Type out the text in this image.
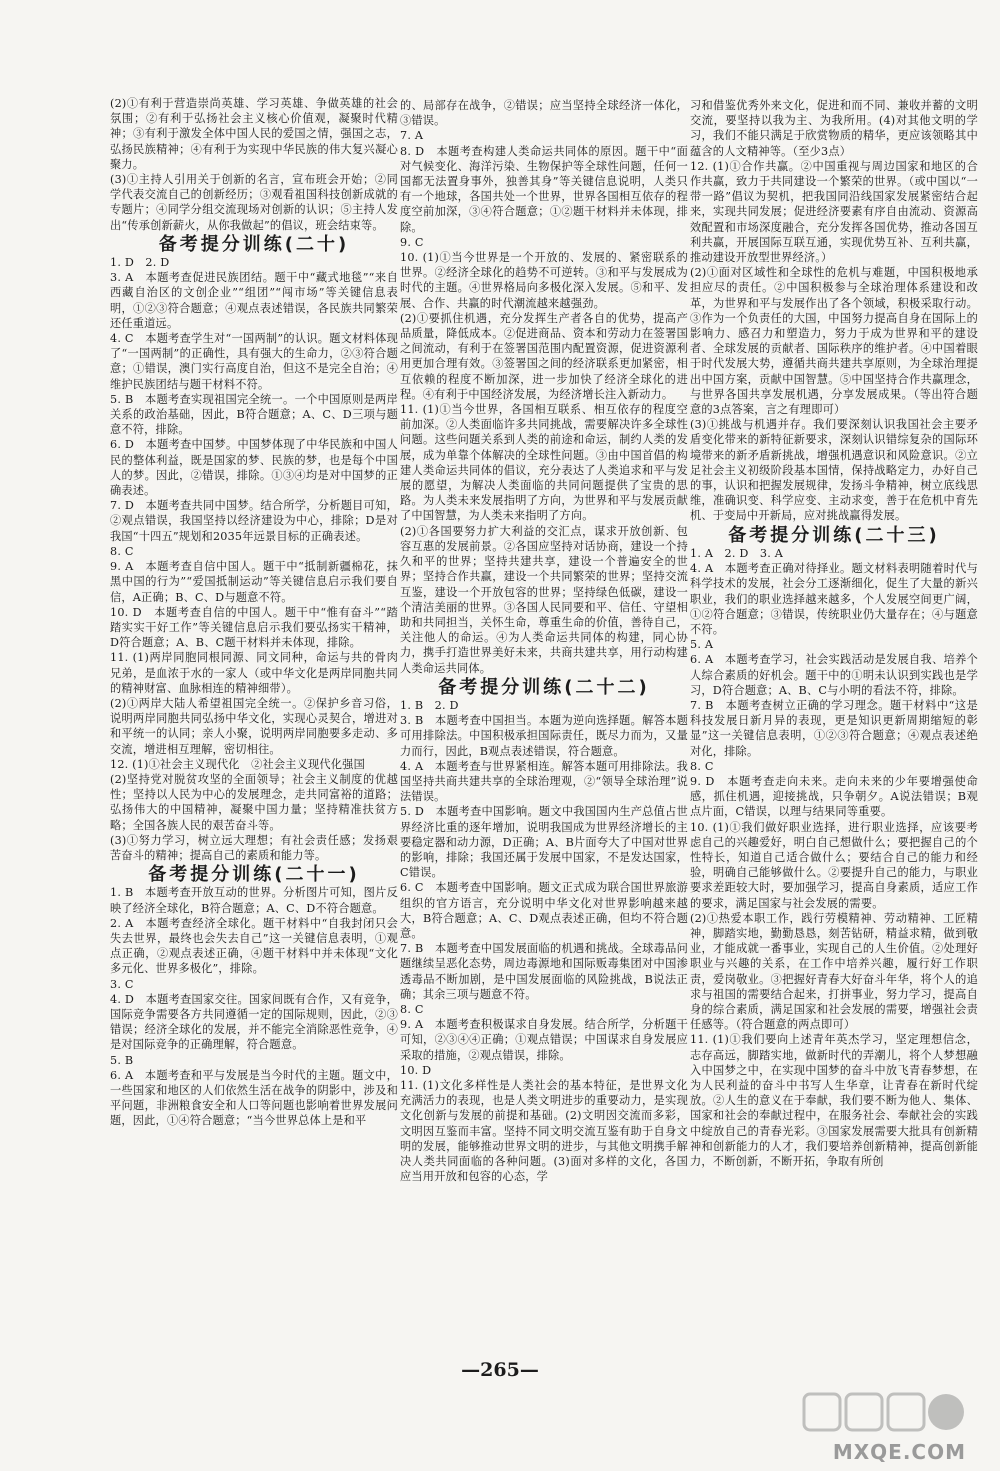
(2)①有利于营造崇尚英雄、学习英雄、争做英雄的社会氛围；②有利于弘扬社会主义核心价值观，凝聚时代精神；③有利于激发全体中国人民的爱国之情，强国之志，弘扬民族精神；④有利于为实现中华民族的伟大复兴凝心聚力。

(3)①主持人引用关于创新的名言，宣布班会开始；②同学代表交流自己的创新经历；③观看祖国科技创新成就的专题片；④同学分组交流现场对创新的认识；⑤主持人发出“传承创新薪火，从你我做起”的倡议，班会结束等。

备考提分训练(二十)

1. D　2. D

3. A　本题考查促进民族团结。题干中“藏式地毯”“来自西藏自治区的文创企业”“组团”“闯市场”等关键信息表明，①②③符合题意；④观点表述错误，各民族共同繁荣还任重道远。

4. C　本题考查学生对“一国两制”的认识。题文材料体现了“一国两制”的正确性，具有强大的生命力，②③符合题意；①错误，澳门实行高度自治，但这不是完全自治；④维护民族团结与题干材料不符。

5. B　本题考查实现祖国完全统一。一个中国原则是两岸关系的政治基础，因此，B符合题意；A、C、D三项与题意不符，排除。

6. D　本题考查中国梦。中国梦体现了中华民族和中国人民的整体利益，既是国家的梦、民族的梦，也是每个中国人的梦。因此，②错误，排除。①③④均是对中国梦的正确表述。

7. D　本题考查共同中国梦。结合所学，分析题目可知，②观点错误，我国坚持以经济建设为中心，排除；D是对我国“十四五”规划和2035年远景目标的正确表述。

8. C

9. A　本题考查自信中国人。题干中“抵制新疆棉花，抹黑中国的行为”“爱国抵制运动”等关键信息启示我们要自信，A正确；B、C、D与题意不符。

10. D　本题考查自信的中国人。题干中“惟有奋斗”“踏踏实实干好工作”等关键信息启示我们要弘扬实干精神，D符合题意；A、B、C题干材料并未体现，排除。

11. (1)两岸同胞同根同源、同文同种，命运与共的骨肉兄弟，是血浓于水的一家人（或中华文化是两岸同胞共同的精神财富、血脉相连的精神细带）。

(2)①两岸大陆人希望祖国完全统一。②保护乡音习俗，说明两岸同胞共同弘扬中华文化，实现心灵契合，增进对和平统一的认同；亲人小聚，说明两岸同胞要多走动、多交流，增进相互理解，密切相往。

12. (1)①社会主义现代化　②社会主义现代化强国

(2)坚持党对脱贫攻坚的全面领导；社会主义制度的优越性；坚持以人民为中心的发展理念，走共同富裕的道路；弘扬伟大的中国精神，凝聚中国力量；坚持精准扶贫方略；全国各族人民的艰苦奋斗等。

(3)①努力学习，树立远大理想；有社会责任感；发扬艰苦奋斗的精神；提高自己的素质和能力等。

备考提分训练(二十一)

1. B　本题考查开放互动的世界。分析图片可知，图片反映了经济全球化，B符合题意；A、C、D不符合题意。

2. A　本题考查经济全球化。题干材料中“自我封闭只会失去世界，最终也会失去自己”这一关键信息表明，①观点正确，②观点表述正确，④题干材料中并未体现“文化多元化、世界多极化”，排除。

3. C

4. D　本题考查国家交往。国家间既有合作，又有竞争，国际竞争需要各方共同遵循一定的国际规则，因此，②③错误；经济全球化的发展，并不能完全消除恶性竞争，④是对国际竞争的正确理解，符合题意。

5. B

6. A　本题考查和平与发展是当今时代的主题。题文中，一些国家和地区的人们依然生活在战争的阴影中，涉及和平问题，非洲粮食安全和人口等问题也影响着世界发展问题，因此，①④符合题意；“当今世界总体上是和平

的、局部存在战争，②错误；应当坚持全球经济一体化，③错误。

7. A

8. D　本题考查构建人类命运共同体的原因。题干中“面对气候变化、海洋污染、生物保护等全球性问题，任何一国都无法置身事外，独善其身”等关键信息说明，人类只有一个地球，各国共处一个世界，世界各国相互依存的程度空前加深，③④符合题意；①②题干材料并未体现，排除。

9. C

10. (1)①当今世界是一个开放的、发展的、紧密联系的世界。②经济全球化的趋势不可逆转。③和平与发展成为时代的主题。④世界格局向多极化深入发展。⑤和平、发展、合作、共赢的时代潮流越来越强劲。

(2)①要抓住机遇，充分发挥生产者各自的优势，提高产品质量，降低成本。②促进商品、资本和劳动力在签署国之间流动，有利于在签署国范围内配置资源，促进资源利用更加合理有效。③签署国之间的经济联系更加紧密，相互依赖的程度不断加深，进一步加快了经济全球化的进程。④有利于中国经济发展，为经济增长注入新动力。

11. (1)①当今世界，各国相互联系、相互依存的程度空前加深。②人类面临许多共同挑战，需要解决许多全球性问题。这些问题关系到人类的前途和命运，制约人类的发展，成为单靠个体解决的全球性问题。③由中国首倡的构建人类命运共同体的倡议，充分表达了人类追求和平与发展的愿望，为解决人类面临的共同问题提供了宝贵的思路。为人类未来发展指明了方向，为世界和平与发展贡献了中国智慧，为人类未来指明了方向。

(2)①各国要努力扩大利益的交汇点，谋求开放创新、包容互惠的发展前景。②各国应坚持对话协商，建设一个持久和平的世界；坚持共建共享，建设一个普遍安全的世界；坚持合作共赢，建设一个共同繁荣的世界；坚持交流互鉴，建设一个开放包容的世界；坚持绿色低碳，建设一个清洁美丽的世界。③各国人民同要和平、信任、守望相助和共同担当，关怀生命，尊重生命的价值，善待自己，关注他人的命运。④为人类命运共同体的构建，同心协力，携手打造世界美好未来，共商共建共享，用行动构建人类命运共同体。

备考提分训练(二十二)

1. B　2. D

3. B　本题考查中国担当。本题为逆向选择题。解答本题可用排除法。中国积极承担国际责任，既尽力而为，又量力而行，因此，B观点表述错误，符合题意。

4. A　本题考查与世界紧相连。解答本题可用排除法。我国坚持共商共建共享的全球治理观，②“领导全球治理”说法错误。

5. D　本题考查中国影响。题文中我国国内生产总值占世界经济比重的逐年增加，说明我国成为世界经济增长的主要稳定器和动力源，D正确；A、B片面夸大了中国对世界的影响，排除；我国还属于发展中国家，不是发达国家，C错误。

6. C　本题考查中国影响。题文正式成为联合国世界旅游组织的官方语言，充分说明中华文化对世界影响越来越大，B符合题意；A、C、D观点表述正确，但均不符合题意。

7. B　本题考查中国发展面临的机遇和挑战。全球毒品问题继续呈恶化态势，周边毒源地和国际贩毒集团对中国渗透毒品不断加剧，是中国发展面临的风险挑战，B说法正确；其余三项与题意不符。

8. C

9. A　本题考查积极谋求自身发展。结合所学，分析题干可知，②③④④正确；①观点错误；中国谋求自身发展应采取的措施，②观点错误，排除。

10. D

11. (1)文化多样性是人类社会的基本特征，是世界文化充满活力的表现，也是人类文明进步的重要动力，是实现文化创新与发展的前提和基础。(2)文明因交流而多彩，文明因互鉴而丰富。坚持不同文明交流互鉴有助于自身文明的发展，能够推动世界文明的进步，与其他文明携手解决人类共同面临的各种问题。(3)面对多样的文化，各国应当用开放和包容的心态，学

习和借鉴优秀外来文化，促进和而不同、兼收并蓄的文明交流，要坚持以我为主、为我所用。(4)对其他文明的学习，我们不能只满足于欣赏物质的精华，更应该领略其中蕴含的人文精神等。（至少3点）

12. (1)①合作共赢。②中国重视与周边国家和地区的合作共赢，致力于共同建设一个繁荣的世界。（或中国以“一带一路”倡议为契机，把我国同沿线国家发展紧密结合起来，实现共同发展；促进经济要素有序自由流动、资源高效配置和市场深度融合，充分发挥各国优势，推动各国互利共赢，开展国际互联互通，实现优势互补、互利共赢，推动建设开放型世界经济。）

(2)①面对区域性和全球性的危机与难题，中国积极地承担应尽的责任。②中国积极参与全球治理体系建设和改革，为世界和平与发展作出了各个领域，积极采取行动。③作为一个负责任的大国，中国努力提高自身在国际上的影响力、感召力和塑造力，努力于成为世界和平的建设者、全球发展的贡献者、国际秩序的维护者。④中国着眼于时代发展大势，遵循共商共建共享原则，为全球治理提出中国方案，贡献中国智慧。⑤中国坚持合作共赢理念，与世界各国共享发展机遇，分享发展成果。（等出符合题意的3点答案，言之有理即可）

(3)①挑战与机遇并存。我们要深刻认识我国社会主要矛盾变化带来的新特征新要求，深刻认识错综复杂的国际环境带来的新矛盾新挑战，增强机遇意识和风险意识。②立足社会主义初级阶段基本国情，保持战略定力，办好自己的事，认识和把握发展规律，发扬斗争精神，树立底线思维，准确识变、科学应变、主动求变，善于在危机中育先机、于变局中开新局，应对挑战赢得发展。

备考提分训练(二十三)

1. A　2. D　3. A

4. A　本题考查正确对待择业。题文材料表明随着时代与科学技术的发展，社会分工逐渐细化，促生了大量的新兴职业，我们的职业选择越来越多，个人发展空间更广阔，①②符合题意；③错误，传统职业仍大量存在；④与题意不符。

5. A

6. A　本题考查学习，社会实践活动是发展自我、培养个人综合素质的好机会。题干中的①明未认识到实践也是学习，D符合题意；A、B、C与小明的看法不符，排除。

7. B　本题考查树立正确的学习理念。题干材料中“这是科技发展日新月异的表现，更是知识更新周期缩短的彰显”这一关键信息表明，①②③符合题意；④观点表述绝对化，排除。

8. C

9. D　本题考查走向未来。走向未来的少年要增强使命感，抓住机遇，迎接挑战，只争朝夕。A说法错误；B观点片面，C错误，以理与结果同等重要。

10. (1)①我们做好职业选择，进行职业选择，应该要考虑自己的兴趣爱好，明白自己想做什么；要把握自己的个性特长，知道自己适合做什么；要结合自己的能力和经验，明确自己能够做什么。②要提升自己的能力，与职业要求差距较大时，要加强学习，提高自身素质，适应工作的要求，满足国家与社会发展的需要。

(2)①热爱本职工作，践行劳模精神、劳动精神、工匠精神，脚踏实地，勤勤恳恳，刻苦钻研，精益求精，做到敬业，才能成就一番事业，实现自己的人生价值。②处理好职业与兴趣的关系，在工作中培养兴趣，履行好工作职责，爱岗敬业。③把握好青春大好奋斗年华，将个人的追求与祖国的需要结合起来，打拼事业，努力学习，提高自身的综合素质，满足国家和社会发展的需要，增强社会责任感等。（符合题意的两点即可）

11. (1)①我们要向上述青年英杰学习，坚定理想信念，志存高远，脚踏实地，做新时代的弄潮儿，将个人梦想融入中国梦之中，在实现中国梦的奋斗中放飞青春梦想，在为人民利益的奋斗中书写人生华章，让青春在新时代绽放。②人生的意义在于奉献，我们要不断为他人、集体、国家和社会的奉献过程中，在服务社会、奉献社会的实践中绽放自己的青春光彩。③国家发展需要大批具有创新精神和创新能力的人才，我们要培养创新精神，提高创新能力，不断创新，不断开拓，争取有所创

—265—
MXQE.COM
